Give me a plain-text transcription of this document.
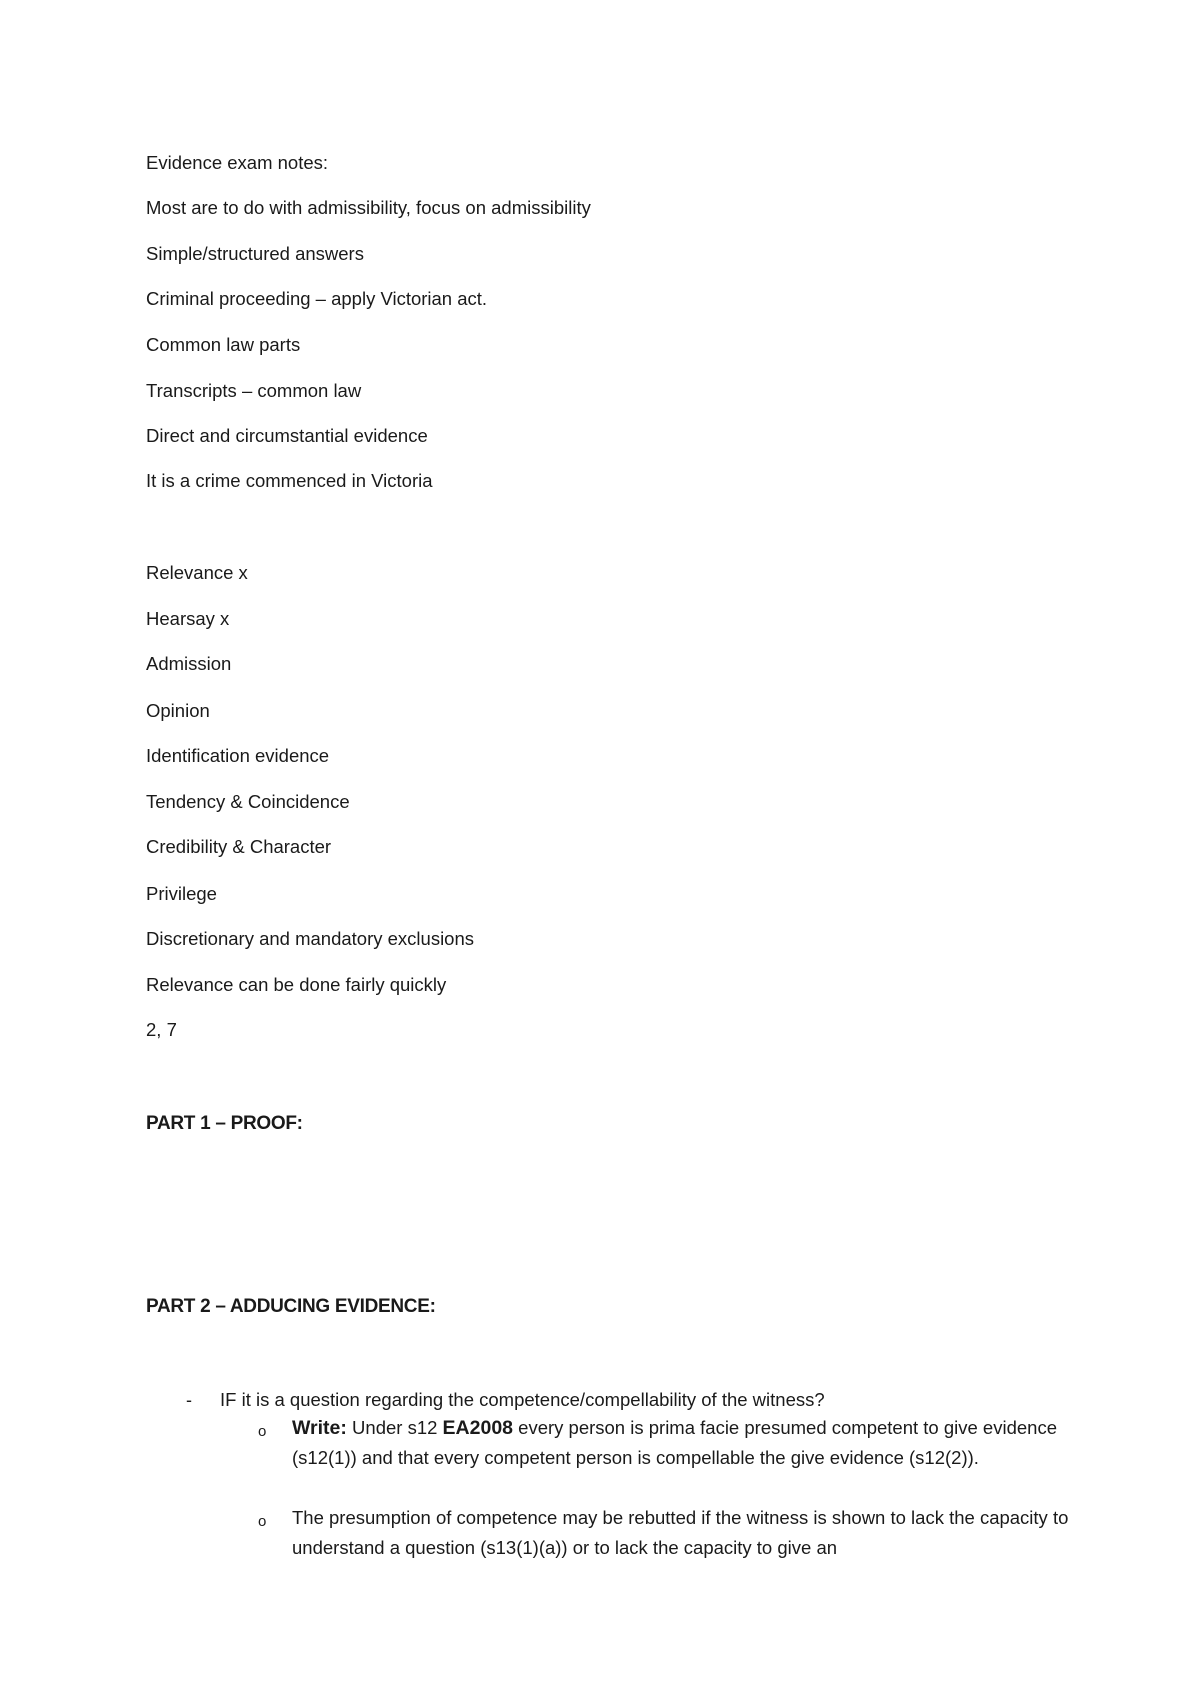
Evidence exam notes:
Most are to do with admissibility, focus on admissibility
Simple/structured answers
Criminal proceeding – apply Victorian act.
Common law parts
Transcripts – common law
Direct and circumstantial evidence
It is a crime commenced in Victoria
Relevance x
Hearsay x
Admission
Opinion
Identification evidence
Tendency & Coincidence
Credibility & Character
Privilege
Discretionary and mandatory exclusions
Relevance can be done fairly quickly
2, 7
PART 1 – PROOF:
PART 2 – ADDUCING EVIDENCE:
- IF it is a question regarding the competence/compellability of the witness?
o Write: Under s12 EA2008 every person is prima facie presumed competent to give evidence (s12(1)) and that every competent person is compellable the give evidence (s12(2)).
o The presumption of competence may be rebutted if the witness is shown to lack the capacity to understand a question (s13(1)(a)) or to lack the capacity to give an
